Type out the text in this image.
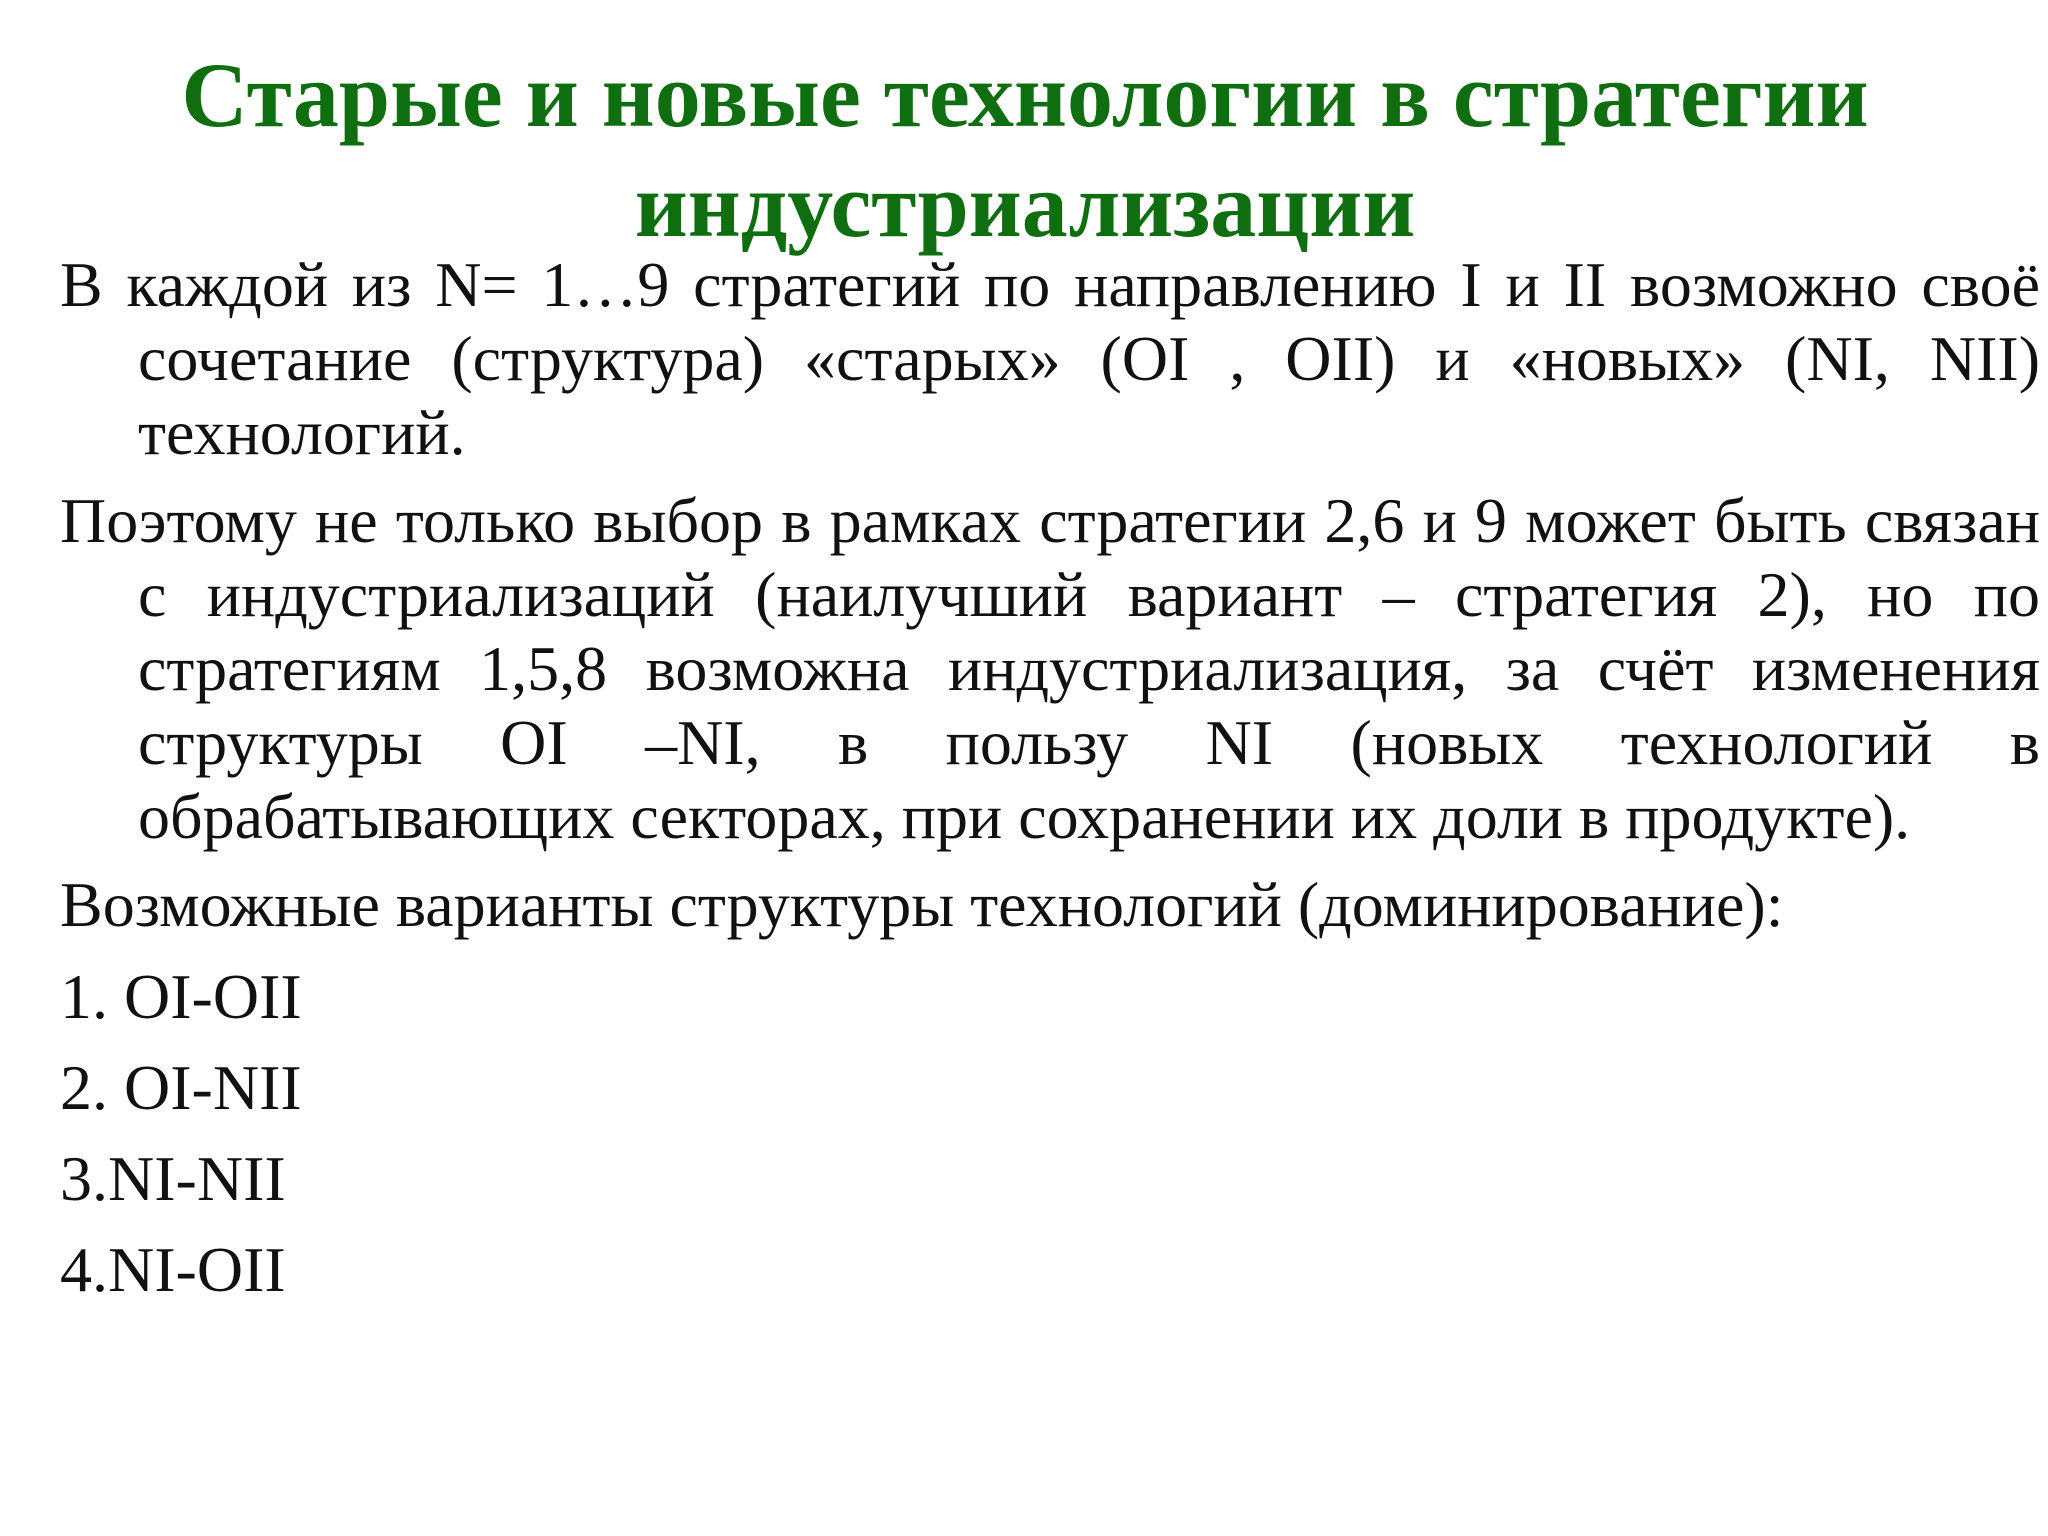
Старые и новые технологии в стратегии
индустриализации

В каждой из N= 1…9 стратегий по направлению I и II возможно своё сочетание (структура) «старых» (OI , OII) и «новых» (NI, NII) технологий.

Поэтому не только выбор в рамках стратегии 2,6 и 9 может быть связан с индустриализаций (наилучший вариант – стратегия 2), но по стратегиям 1,5,8 возможна индустриализация, за счёт изменения структуры OI –NI, в пользу NI (новых технологий в обрабатывающих секторах, при сохранении их доли в продукте).

Возможные варианты структуры технологий (доминирование):

1. OI-OII
2. OI-NII
3.NI-NII
4.NI-OII
